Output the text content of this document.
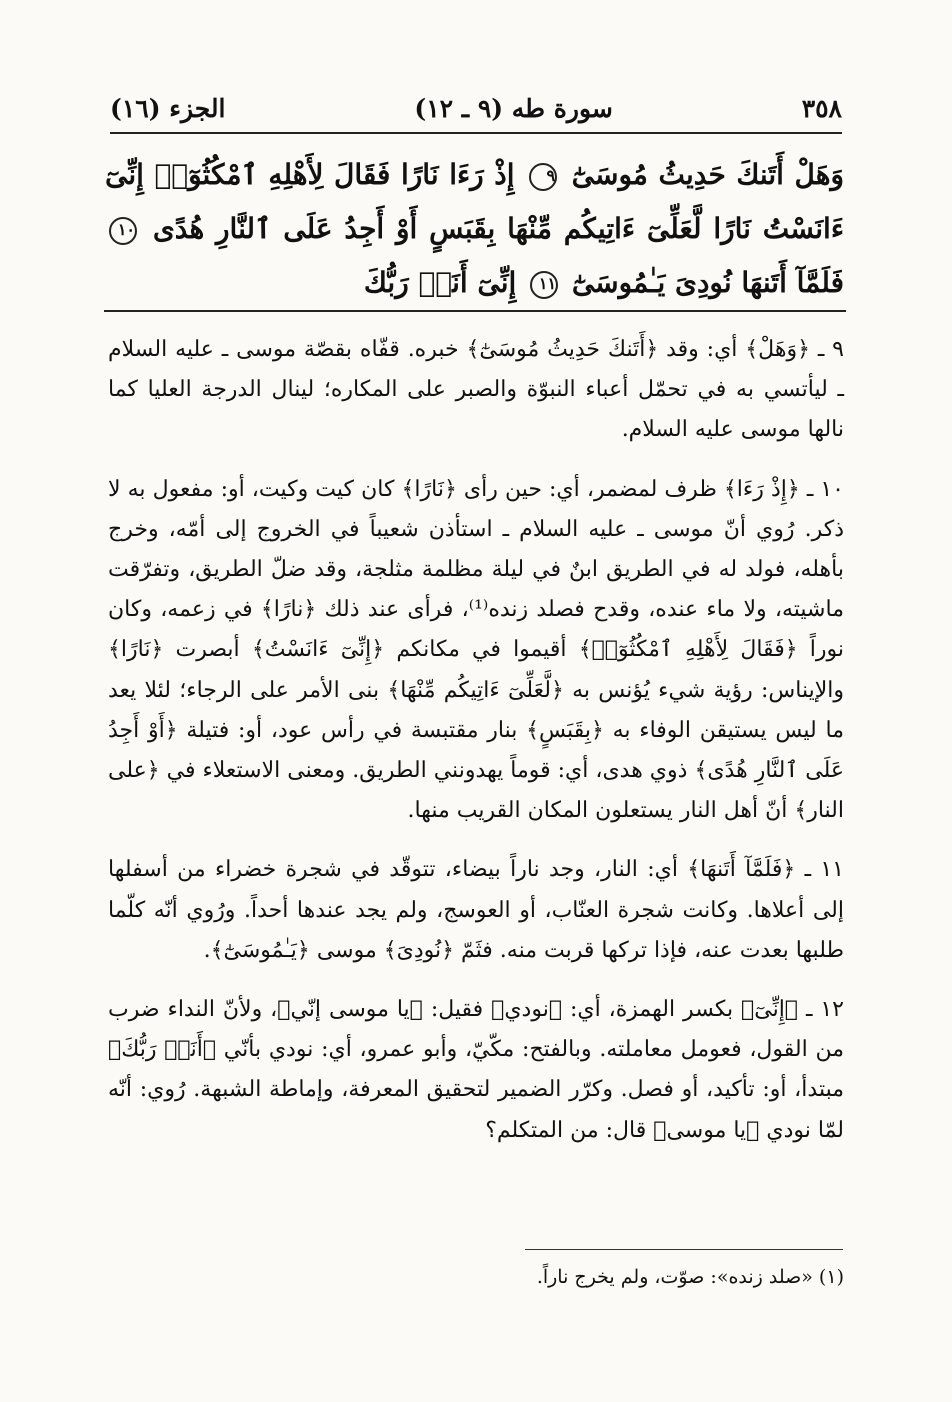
٣٥٨
سورة طه (٩ ـ ١٢)
الجزء (١٦)
وَهَلْ أَتَنكَ حَدِيثُ مُوسَىٰٓ ٩ إِذْ رَءَا نَارًا فَقَالَ لِأَهْلِهِ ٱمْكُثُوٓا۟ إِنِّىٓ ءَانَسْتُ نَارًا لَّعَلِّىٓ ءَاتِيكُم مِّنْهَا بِقَبَسٍ أَوْ أَجِدُ عَلَى ٱلنَّارِ هُدًى ١٠ فَلَمَّآ أَتَنهَا نُودِىَ يَـٰمُوسَىٰٓ ١١ إِنِّىٓ أَنَا۠ رَبُّكَ

٩ ـ ﴿وَهَلْ﴾ أي: وقد ﴿أَتَنكَ حَدِيثُ مُوسَىٰٓ﴾ خبره. قفّاه بقصّة موسى ـ عليه السلام ـ ليأتسي به في تحمّل أعباء النبوّة والصبر على المكاره؛ لينال الدرجة العليا كما نالها موسى عليه السلام.

١٠ ـ ﴿إِذْ رَءَا﴾ ظرف لمضمر، أي: حين رأى ﴿نَارًا﴾ كان كيت وكيت، أو: مفعول به لا ذكر. رُوي أنّ موسى ـ عليه السلام ـ استأذن شعيباً في الخروج إلى أمّه، وخرج بأهله، فولد له في الطريق ابنٌ في ليلة مظلمة مثلجة، وقد ضلّ الطريق، وتفرّقت ماشيته، ولا ماء عنده، وقدح فصلد زنده⁽¹⁾، فرأى عند ذلك ﴿نارًا﴾ في زعمه، وكان نوراً ﴿فَقَالَ لِأَهْلِهِ ٱمْكُثُوٓا۟﴾ أقيموا في مكانكم ﴿إِنِّىٓ ءَانَسْتُ﴾ أبصرت ﴿نَارًا﴾ والإيناس: رؤية شيء يُؤنس به ﴿لَّعَلِّىٓ ءَاتِيكُم مِّنْهَا﴾ بنى الأمر على الرجاء؛ لئلا يعد ما ليس يستيقن الوفاء به ﴿بِقَبَسٍ﴾ بنار مقتبسة في رأس عود، أو: فتيلة ﴿أَوْ أَجِدُ عَلَى ٱلنَّارِ هُدًى﴾ ذوي هدى، أي: قوماً يهدونني الطريق. ومعنى الاستعلاء في ﴿على النار﴾ أنّ أهل النار يستعلون المكان القريب منها.

١١ ـ ﴿فَلَمَّآ أَتَنهَا﴾ أي: النار، وجد ناراً بيضاء، تتوقّد في شجرة خضراء من أسفلها إلى أعلاها. وكانت شجرة العنّاب، أو العوسج، ولم يجد عندها أحداً. ورُوي أنّه كلّما طلبها بعدت عنه، فإذا تركها قربت منه. فثَمّ ﴿نُودِىَ﴾ موسى ﴿يَـٰمُوسَىٰٓ﴾.

١٢ ـ ﴿إِنِّىٓ﴾ بكسر الهمزة، أي: ﴿نودي﴾ فقيل: ﴿يا موسى إنّي﴾، ولأنّ النداء ضرب من القول، فعومل معاملته. وبالفتح: مكّيّ، وأبو عمرو، أي: نودي بأنّي ﴿أَنَا۠ رَبُّكَ﴾ مبتدأ، أو: تأكيد، أو فصل. وكرّر الضمير لتحقيق المعرفة، وإماطة الشبهة. رُوي: أنّه لمّا نودي ﴿يا موسى﴾ قال: من المتكلم؟

(١) «صلد زنده»: صوّت، ولم يخرج ناراً.
